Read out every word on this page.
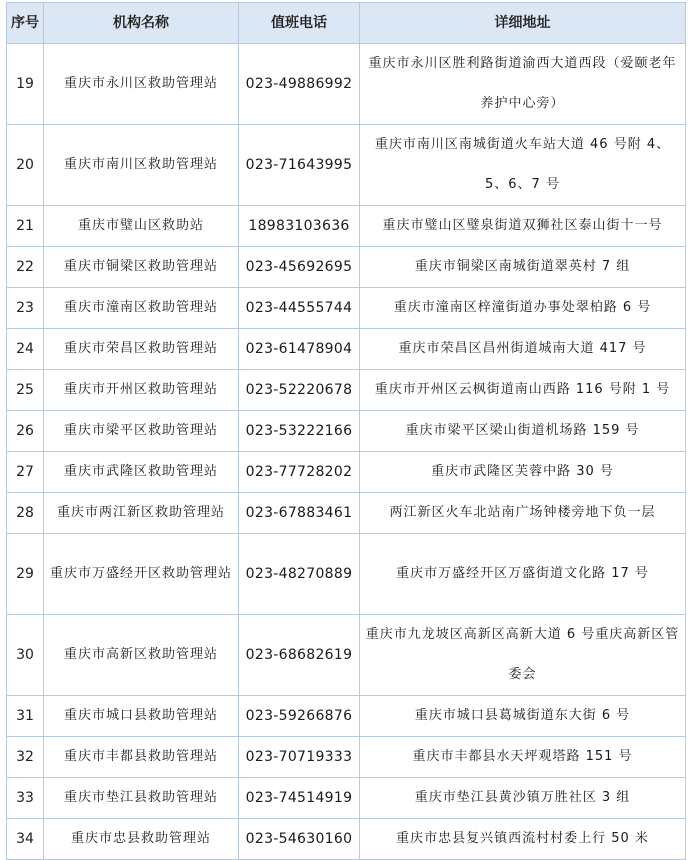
序号	机构名称	值班电话	详细地址
19	重庆市永川区救助管理站	023-49886992	重庆市永川区胜利路街道渝西大道西段（爱颐老年养护中心旁）
20	重庆市南川区救助管理站	023-71643995	重庆市南川区南城街道火车站大道 46 号附 4、5、6、7 号
21	重庆市璧山区救助站	18983103636	重庆市璧山区璧泉街道双狮社区泰山街十一号
22	重庆市铜梁区救助管理站	023-45692695	重庆市铜梁区南城街道翠英村 7 组
23	重庆市潼南区救助管理站	023-44555744	重庆市潼南区梓潼街道办事处翠柏路 6 号
24	重庆市荣昌区救助管理站	023-61478904	重庆市荣昌区昌州街道城南大道 417 号
25	重庆市开州区救助管理站	023-52220678	重庆市开州区云枫街道南山西路 116 号附 1 号
26	重庆市梁平区救助管理站	023-53222166	重庆市梁平区梁山街道机场路 159 号
27	重庆市武隆区救助管理站	023-77728202	重庆市武隆区芙蓉中路 30 号
28	重庆市两江新区救助管理站	023-67883461	两江新区火车北站南广场钟楼旁地下负一层
29	重庆市万盛经开区救助管理站	023-48270889	重庆市万盛经开区万盛街道文化路 17 号
30	重庆市高新区救助管理站	023-68682619	重庆市九龙坡区高新区高新大道 6 号重庆高新区管委会
31	重庆市城口县救助管理站	023-59266876	重庆市城口县葛城街道东大街 6 号
32	重庆市丰都县救助管理站	023-70719333	重庆市丰都县水天坪观塔路 151 号
33	重庆市垫江县救助管理站	023-74514919	重庆市垫江县黄沙镇万胜社区 3 组
34	重庆市忠县救助管理站	023-54630160	重庆市忠县复兴镇西流村村委上行 50 米
